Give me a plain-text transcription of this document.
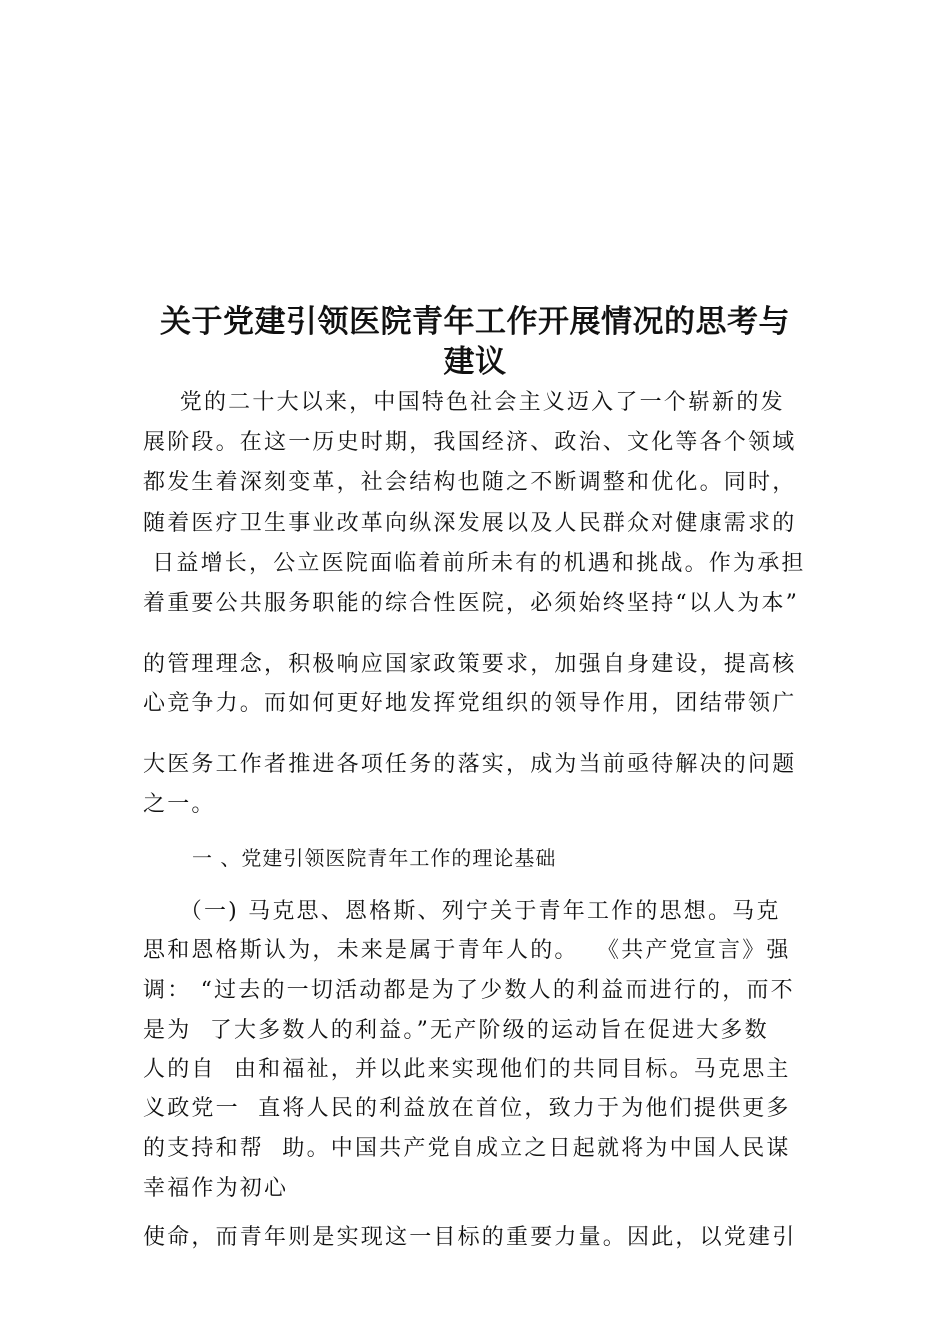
关于党建引领医院青年工作开展情况的思考与
建议
党的二十大以来，中国特色社会主义迈入了一个崭新的发
展阶段。在这一历史时期，我国经济、政治、文化等各个领域
都发生着深刻变革，社会结构也随之不断调整和优化。同时，
随着医疗卫生事业改革向纵深发展以及人民群众对健康需求的
日益增长，公立医院面临着前所未有的机遇和挑战。作为承担
着重要公共服务职能的综合性医院，必须始终坚持“以人为本”
的管理理念，积极响应国家政策要求，加强自身建设，提高核
心竞争力。而如何更好地发挥党组织的领导作用，团结带领广
大医务工作者推进各项任务的落实，成为当前亟待解决的问题
之一。
一 、党建引领医院青年工作的理论基础
（一) 马克思、恩格斯、列宁关于青年工作的思想。马克
思和恩格斯认为，未来是属于青年人的。  《共产党宣言》强
调： “过去的一切活动都是为了少数人的利益而进行的，而不
是为  了大多数人的利益。”无产阶级的运动旨在促进大多数
人的自  由和福祉，并以此来实现他们的共同目标。马克思主
义政党一  直将人民的利益放在首位，致力于为他们提供更多
的支持和帮  助。中国共产党自成立之日起就将为中国人民谋
幸福作为初心
使命，而青年则是实现这一目标的重要力量。因此，以党建引
